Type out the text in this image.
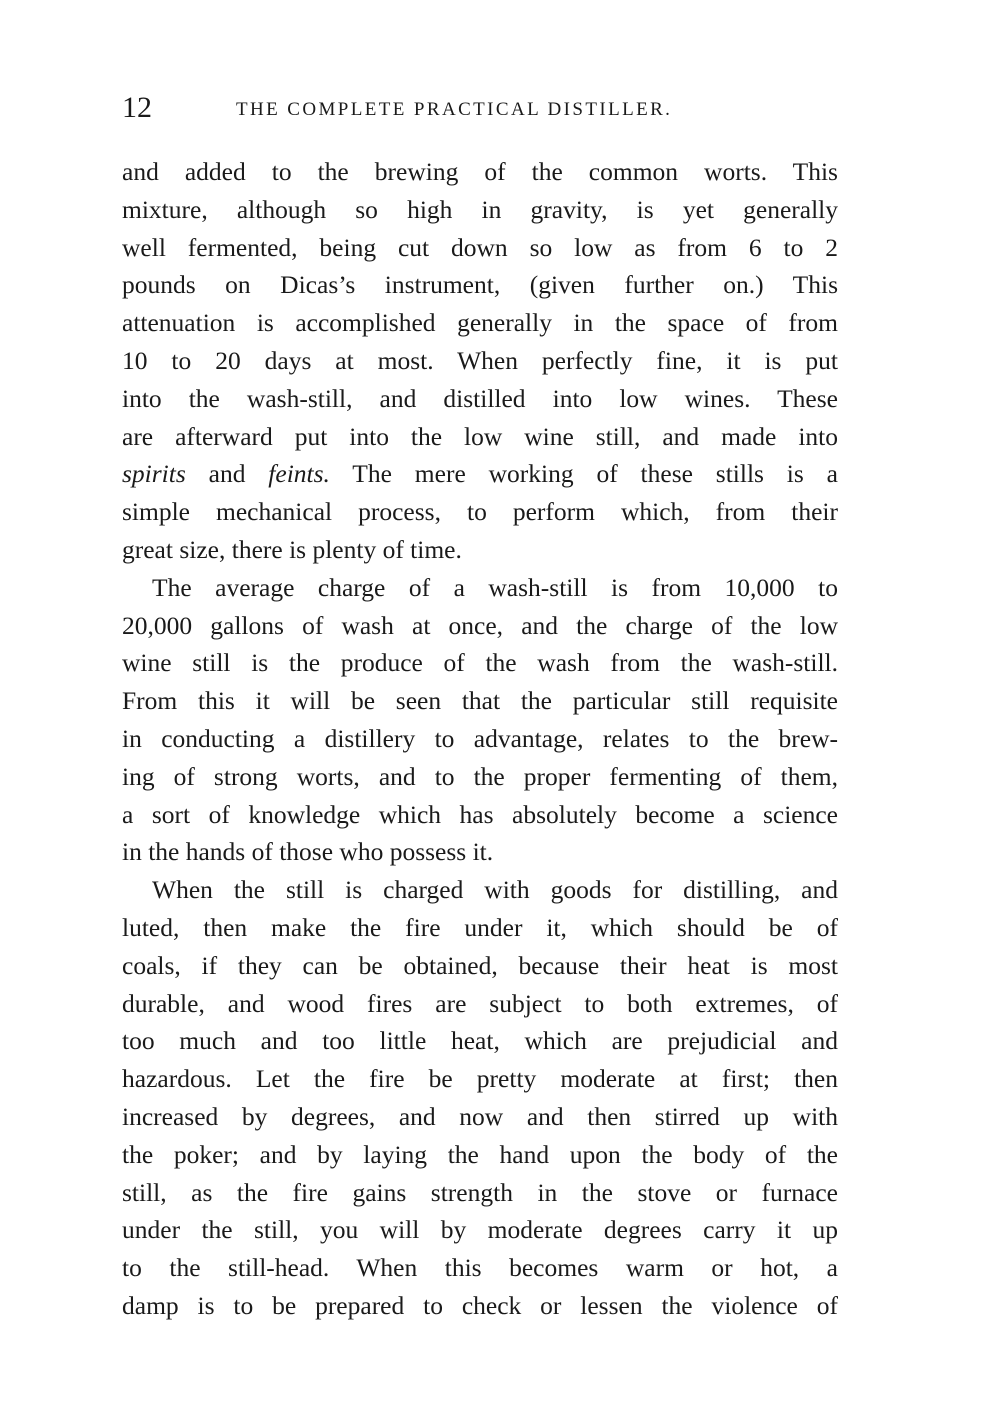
12	THE COMPLETE PRACTICAL DISTILLER.
and added to the brewing of the common worts. This
mixture, although so high in gravity, is yet generally
well fermented, being cut down so low as from 6 to 2
pounds on Dicas’s instrument, (given further on.) This
attenuation is accomplished generally in the space of from
10 to 20 days at most. When perfectly fine, it is put
into the wash-still, and distilled into low wines. These
are afterward put into the low wine still, and made into
spirits and feints. The mere working of these stills is a
simple mechanical process, to perform which, from their
great size, there is plenty of time.
The average charge of a wash-still is from 10,000 to
20,000 gallons of wash at once, and the charge of the low
wine still is the produce of the wash from the wash-still.
From this it will be seen that the particular still requisite
in conducting a distillery to advantage, relates to the brew-
ing of strong worts, and to the proper fermenting of them,
a sort of knowledge which has absolutely become a science
in the hands of those who possess it.
When the still is charged with goods for distilling, and
luted, then make the fire under it, which should be of
coals, if they can be obtained, because their heat is most
durable, and wood fires are subject to both extremes, of
too much and too little heat, which are prejudicial and
hazardous. Let the fire be pretty moderate at first; then
increased by degrees, and now and then stirred up with
the poker; and by laying the hand upon the body of the
still, as the fire gains strength in the stove or furnace
under the still, you will by moderate degrees carry it up
to the still-head. When this becomes warm or hot, a
damp is to be prepared to check or lessen the violence of
